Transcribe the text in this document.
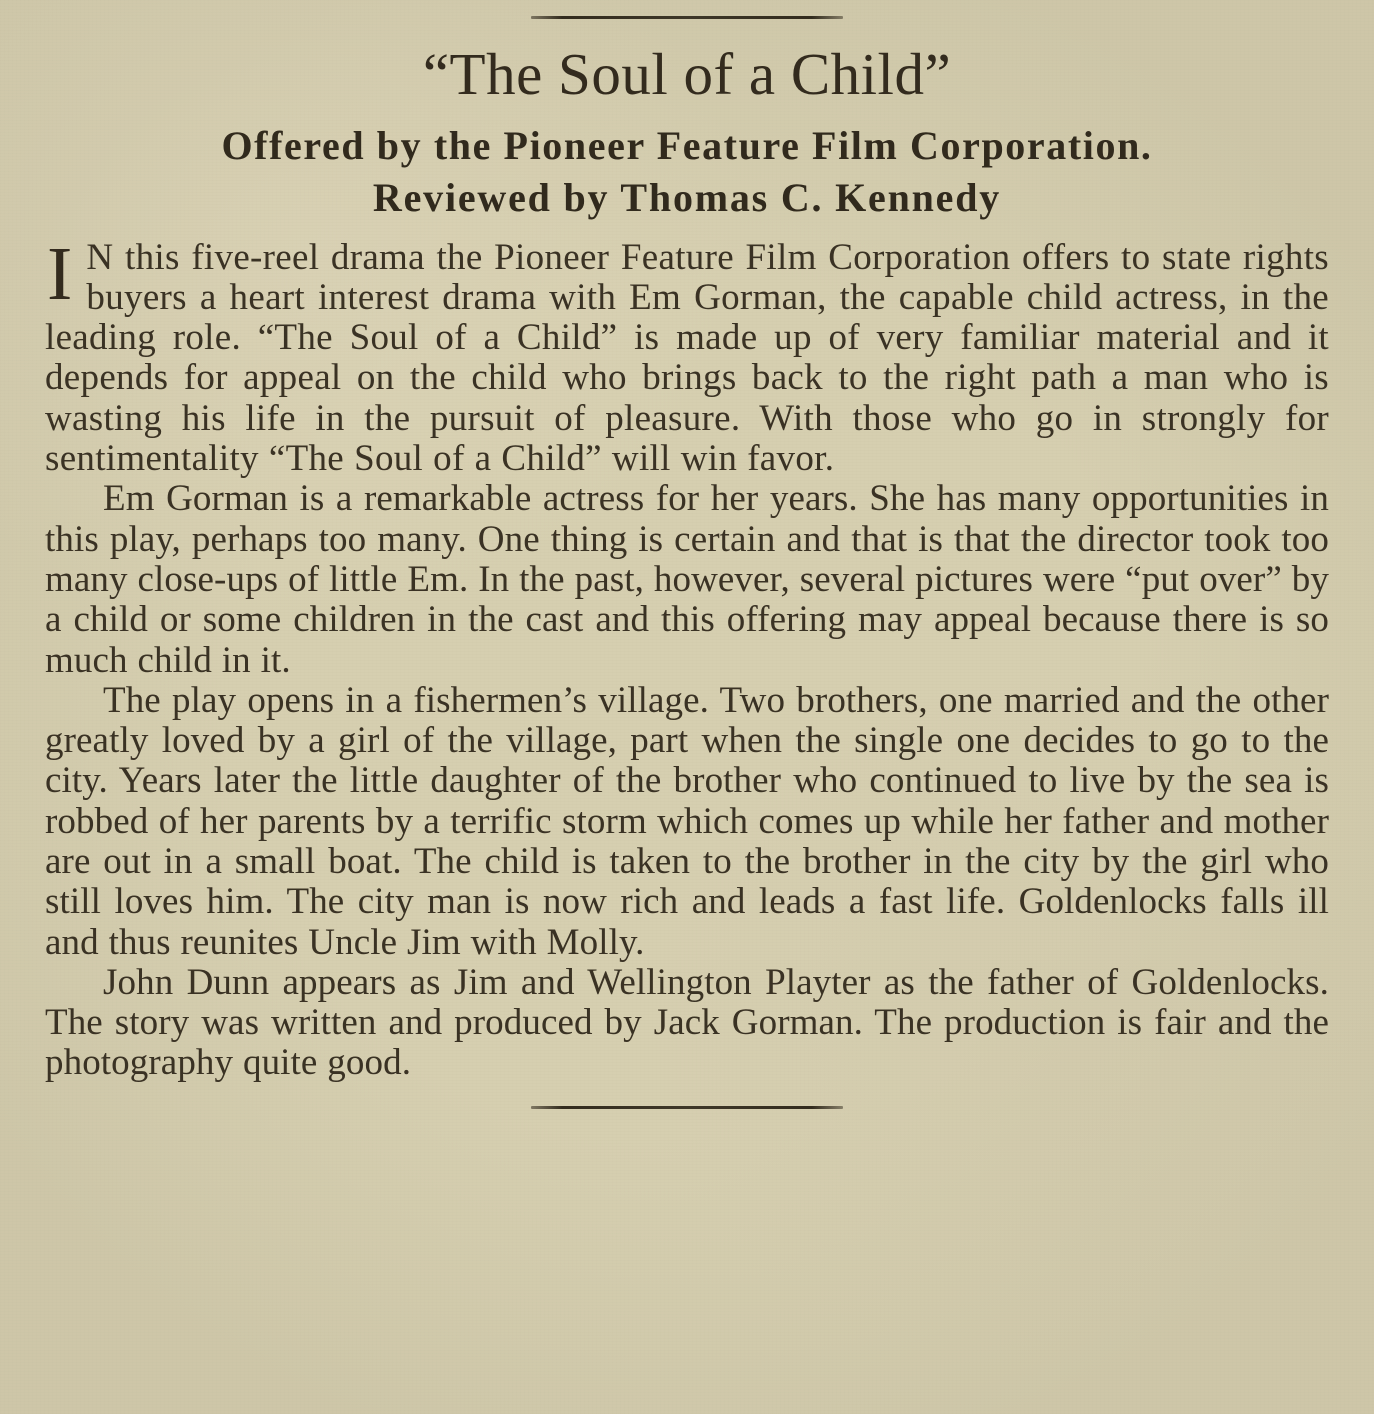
“The Soul of a Child”
Offered by the Pioneer Feature Film Corporation.
Reviewed by Thomas C. Kennedy

I N this five-reel drama the Pioneer Feature Film Corporation offers to state rights buyers a heart interest drama with Em Gorman, the capable child actress, in the leading role. “The Soul of a Child” is made up of very familiar material and it depends for appeal on the child who brings back to the right path a man who is wasting his life in the pursuit of pleasure. With those who go in strongly for sentimentality “The Soul of a Child” will win favor.

Em Gorman is a remarkable actress for her years. She has many opportunities in this play, perhaps too many. One thing is certain and that is that the director took too many close-ups of little Em. In the past, however, several pictures were “put over” by a child or some children in the cast and this offering may appeal because there is so much child in it.

The play opens in a fishermen’s village. Two brothers, one married and the other greatly loved by a girl of the village, part when the single one decides to go to the city. Years later the little daughter of the brother who continued to live by the sea is robbed of her parents by a terrific storm which comes up while her father and mother are out in a small boat. The child is taken to the brother in the city by the girl who still loves him. The city man is now rich and leads a fast life. Goldenlocks falls ill and thus reunites Uncle Jim with Molly.

John Dunn appears as Jim and Wellington Playter as the father of Goldenlocks. The story was written and produced by Jack Gorman. The production is fair and the photography quite good.
